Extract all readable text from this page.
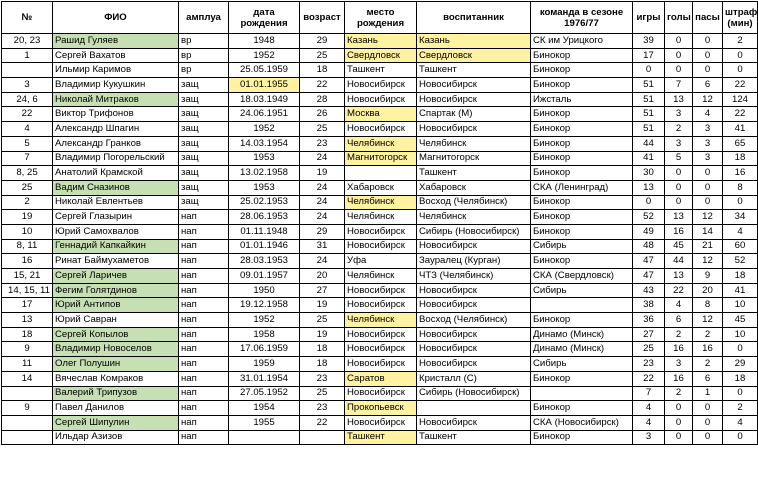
№	ФИО	амплуа	дата рождения	возраст	место рождения	воспитанник	команда в сезоне 1976/77	игры	голы	пасы	штраф (мин)
20, 23	Рашид Гуляев	вр	1948	29	Казань	Казань	СК им Урицкого	39	0	0	2
1	Сергей Вахатов	вр	1952	25	Свердловск	Свердловск	Бинокор	17	0	0	0
	Ильмир Каримов	вр	25.05.1959	18	Ташкент	Ташкент	Бинокор	0	0	0	0
3	Владимир Кукушкин	защ	01.01.1955	22	Новосибирск	Новосибирск	Бинокор	51	7	6	22
24, 6	Николай Митраков	защ	18.03.1949	28	Новосибирск	Новосибирск	Ижсталь	51	13	12	124
22	Виктор Трифонов	защ	24.06.1951	26	Москва	Спартак (М)	Бинокор	51	3	4	22
4	Александр Шпагин	защ	1952	25	Новосибирск	Новосибирск	Бинокор	51	2	3	41
5	Александр Гранков	защ	14.03.1954	23	Челябинск	Челябинск	Бинокор	44	3	3	65
7	Владимир Погорельский	защ	1953	24	Магнитогорск	Магнитогорск	Бинокор	41	5	3	18
8, 25	Анатолий Крамской	защ	13.02.1958	19		Ташкент	Бинокор	30	0	0	16
25	Вадим Сназинов	защ	1953	24	Хабаровск	Хабаровск	СКА (Ленинград)	13	0	0	8
2	Николай Евлентьев	защ	25.02.1953	24	Челябинск	Восход (Челябинск)	Бинокор	0	0	0	0
19	Сергей Глазырин	нап	28.06.1953	24	Челябинск	Челябинск	Бинокор	52	13	12	34
10	Юрий Самохвалов	нап	01.11.1948	29	Новосибирск	Сибирь (Новосибирск)	Бинокор	49	16	14	4
8, 11	Геннадий Капкайкин	нап	01.01.1946	31	Новосибирск	Новосибирск	Сибирь	48	45	21	60
16	Ринат Баймухаметов	нап	28.03.1953	24	Уфа	Зауралец (Курган)	Бинокор	47	44	12	52
15, 21	Сергей Ларичев	нап	09.01.1957	20	Челябинск	ЧТЗ (Челябинск)	СКА (Свердловск)	47	13	9	18
14, 15, 11	Фегим Голятдинов	нап	1950	27	Новосибирск	Новосибирск	Сибирь	43	22	20	41
17	Юрий Антипов	нап	19.12.1958	19	Новосибирск	Новосибирск		38	4	8	10
13	Юрий Савран	нап	1952	25	Челябинск	Восход (Челябинск)	Бинокор	36	6	12	45
18	Сергей Копылов	нап	1958	19	Новосибирск	Новосибирск	Динамо (Минск)	27	2	2	10
9	Владимир Новоселов	нап	17.06.1959	18	Новосибирск	Новосибирск	Динамо (Минск)	25	16	16	0
11	Олег Полушин	нап	1959	18	Новосибирск	Новосибирск	Сибирь	23	3	2	29
14	Вячеслав Комраков	нап	31.01.1954	23	Саратов	Кристалл (С)	Бинокор	22	16	6	18
	Валерий Трипузов	нап	27.05.1952	25	Новосибирск	Сибирь (Новосибирск)		7	2	1	0
9	Павел Данилов	нап	1954	23	Прокопьевск		Бинокор	4	0	0	2
	Сергей Шипулин	нап	1955	22	Новосибирск	Новосибирск	СКА (Новосибирск)	4	0	0	4
	Ильдар Азизов	нап			Ташкент	Ташкент	Бинокор	3	0	0	0
